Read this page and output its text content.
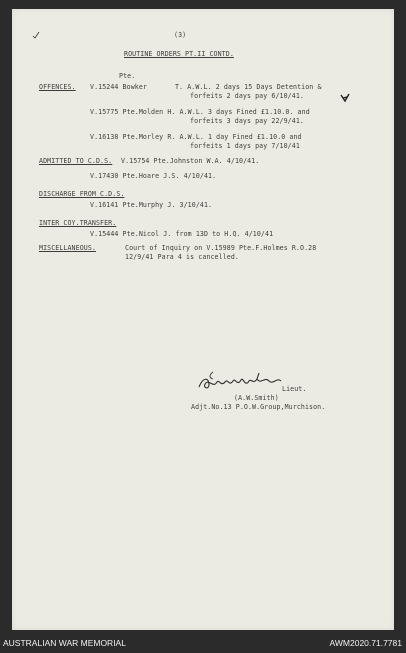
(3)
ROUTINE ORDERS PT.II CONTD.
Pte.
OFFENCES. V.15244 Bowker	T. A.W.L. 2 days 15 Days Detention &
forfeits 2 days pay 6/10/41.
V.15775 Pte.Molden H. A.W.L. 3 days Fined £1.10.0. and
forfeits 3 days pay 22/9/41.
V.16138 Pte.Morley R. A.W.L. 1 day Fined £1.10.0 and
forfeits 1 days pay 7/10/41
ADMITTED TO C.D.S. V.15754 Pte.Johnston W.A. 4/10/41.
V.17430 Pte.Hoare J.S. 4/10/41.
DISCHARGE FROM C.D.S.
V.16141 Pte.Murphy J. 3/10/41.
INTER COY.TRANSFER.
V.15444 Pte.Nicol J. from 13D to H.Q. 4/10/41
MISCELLANEOUS.	Court of Inquiry on V.15989 Pte.F.Holmes R.O.28
12/9/41 Para 4 is cancelled.
Lieut.
(A.W.Smith)
Adjt.No.13 P.O.W.Group,Murchison.
AUSTRALIAN WAR MEMORIAL	AWM2020.71.7781
